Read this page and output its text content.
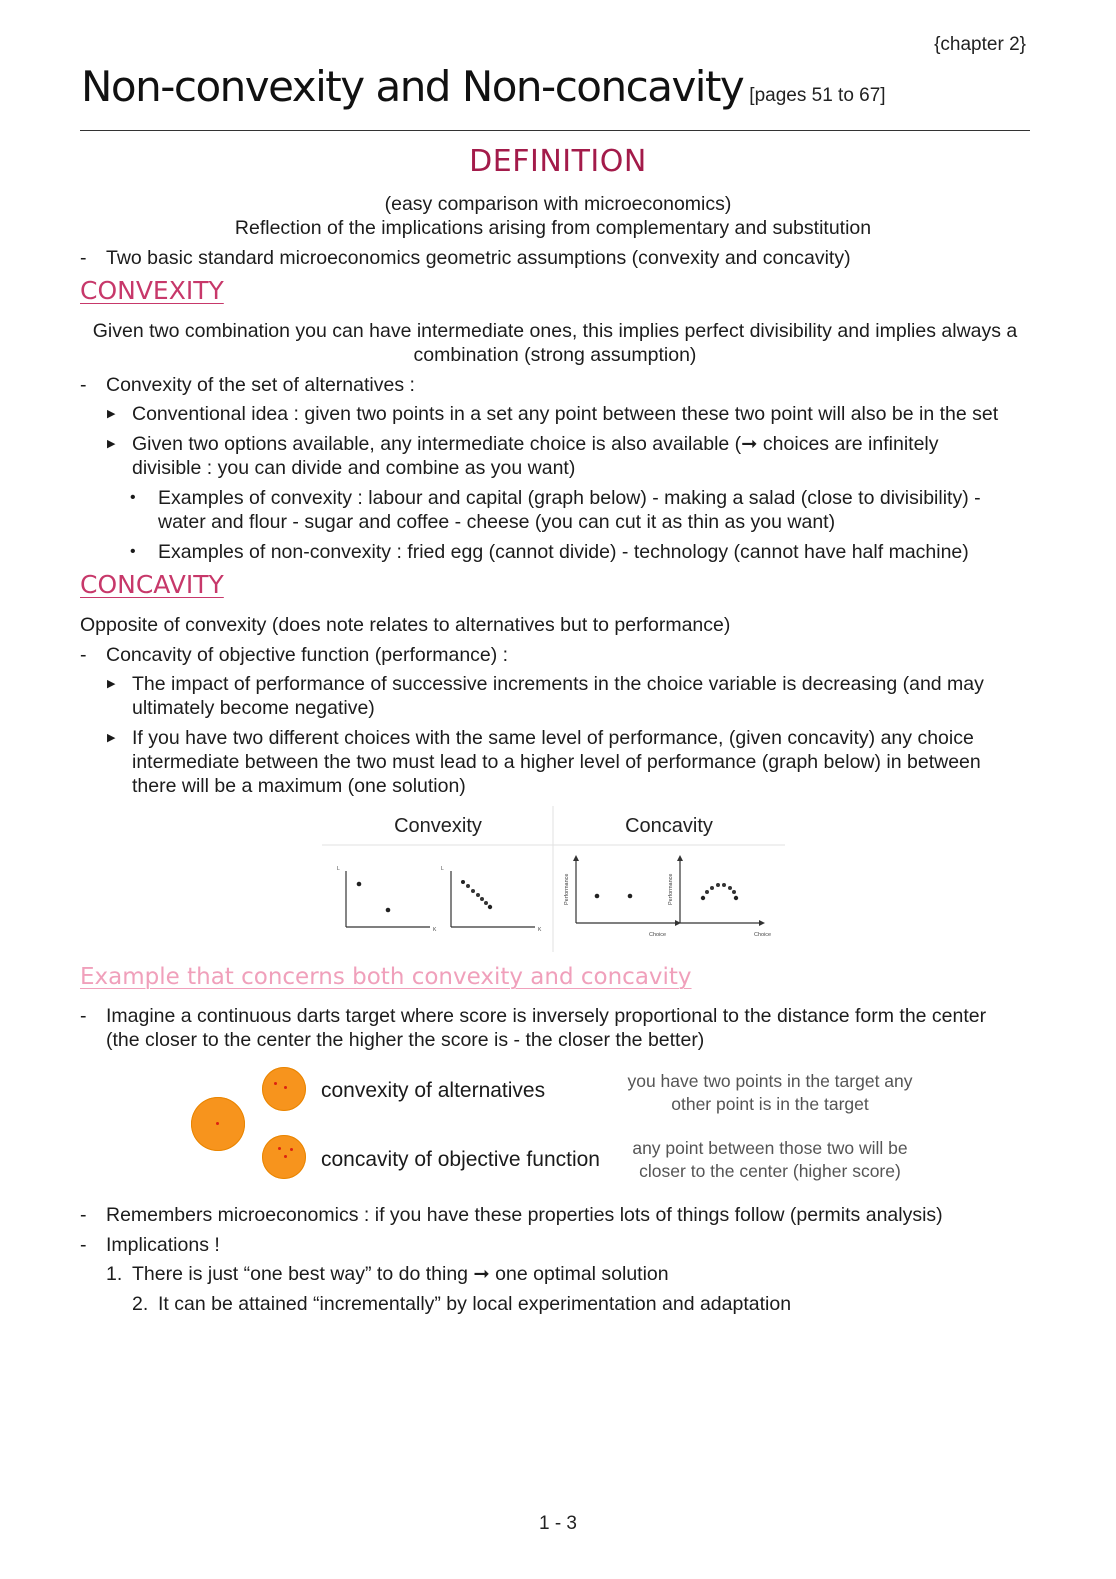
{chapter 2}
Non-convexity and Non-concavity [pages 51 to 67]
DEFINITION
(easy comparison with microeconomics)
Reflection of the implications arising from complementary and substitution
- Two basic standard microeconomics geometric assumptions (convexity and concavity)
CONVEXITY
Given two combination you can have intermediate ones, this implies perfect divisibility and implies always a
combination (strong assumption)
- Convexity of the set of alternatives :
▶ Conventional idea : given two points in a set any point between these two point will also be in the set
▶ Given two options available, any intermediate choice is also available (➞ choices are infinitely
divisible : you can divide and combine as you want)
• Examples of convexity : labour and capital (graph below) - making a salad (close to divisibility) -
water and flour - sugar and coffee - cheese (you can cut it as thin as you want)
• Examples of non-convexity : fried egg (cannot divide) - technology (cannot have half machine)
CONCAVITY
Opposite of convexity (does note relates to alternatives but to performance)
- Concavity of objective function (performance) :
▶ The impact of performance of successive increments in the choice variable is decreasing (and may
ultimately become negative)
▶ If you have two different choices with the same level of performance, (given concavity) any choice
intermediate between the two must lead to a higher level of performance (graph below) in between
there will be a maximum (one solution)
Convexity	Concavity
L
K
L
K
Performance
Choice
Performance
Choice
Example that concerns both convexity and concavity
- Imagine a continuous darts target where score is inversely proportional to the distance form the center
(the closer to the center the higher the score is - the closer the better)
convexity of alternatives
concavity of objective function
you have two points in the target any
other point is in the target
any point between those two will be
closer to the center (higher score)
- Remembers microeconomics : if you have these properties lots of things follow (permits analysis)
- Implications !
1. There is just “one best way” to do thing ➞ one optimal solution
2. It can be attained “incrementally” by local experimentation and adaptation
1 - 3
